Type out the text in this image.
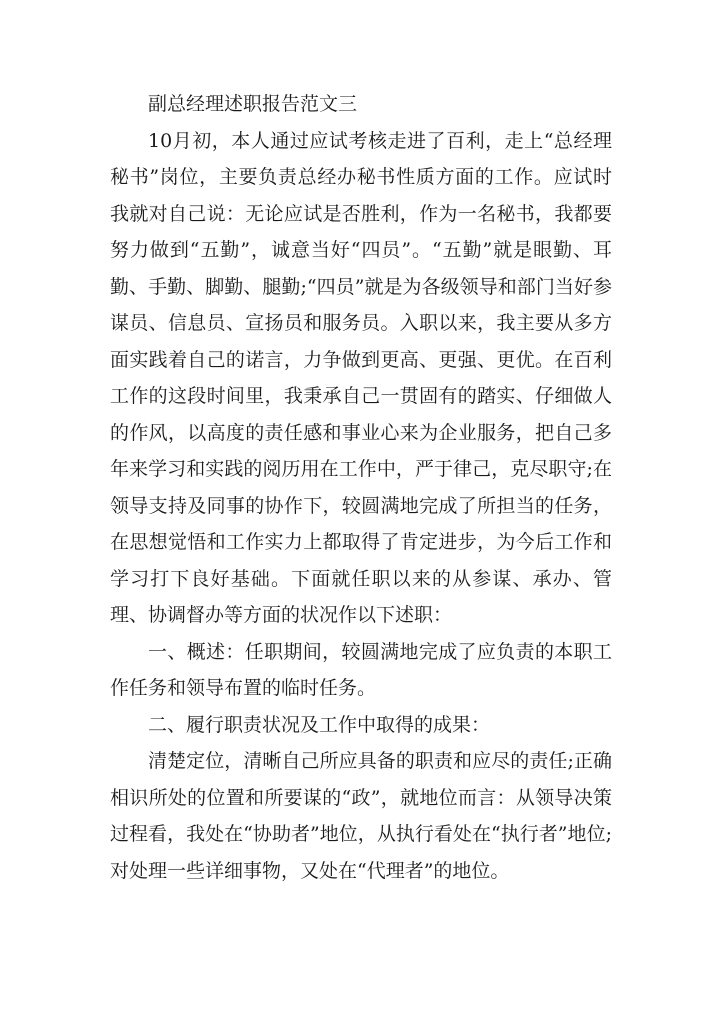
副总经理述职报告范文三

10月初，本人通过应试考核走进了百利，走上“总经理秘书”岗位，主要负责总经办秘书性质方面的工作。应试时我就对自己说：无论应试是否胜利，作为一名秘书，我都要努力做到“五勤”，诚意当好“四员”。“五勤”就是眼勤、耳勤、手勤、脚勤、腿勤;“四员”就是为各级领导和部门当好参谋员、信息员、宣扬员和服务员。入职以来，我主要从多方面实践着自己的诺言，力争做到更高、更强、更优。在百利工作的这段时间里，我秉承自己一贯固有的踏实、仔细做人的作风，以高度的责任感和事业心来为企业服务，把自己多年来学习和实践的阅历用在工作中，严于律己，克尽职守;在领导支持及同事的协作下，较圆满地完成了所担当的任务，在思想觉悟和工作实力上都取得了肯定进步，为今后工作和学习打下良好基础。下面就任职以来的从参谋、承办、管理、协调督办等方面的状况作以下述职：

一、概述：任职期间，较圆满地完成了应负责的本职工作任务和领导布置的临时任务。

二、履行职责状况及工作中取得的成果：

清楚定位，清晰自己所应具备的职责和应尽的责任;正确相识所处的位置和所要谋的“政”，就地位而言：从领导决策过程看，我处在“协助者”地位，从执行看处在“执行者”地位;对处理一些详细事物，又处在“代理者”的地位。
